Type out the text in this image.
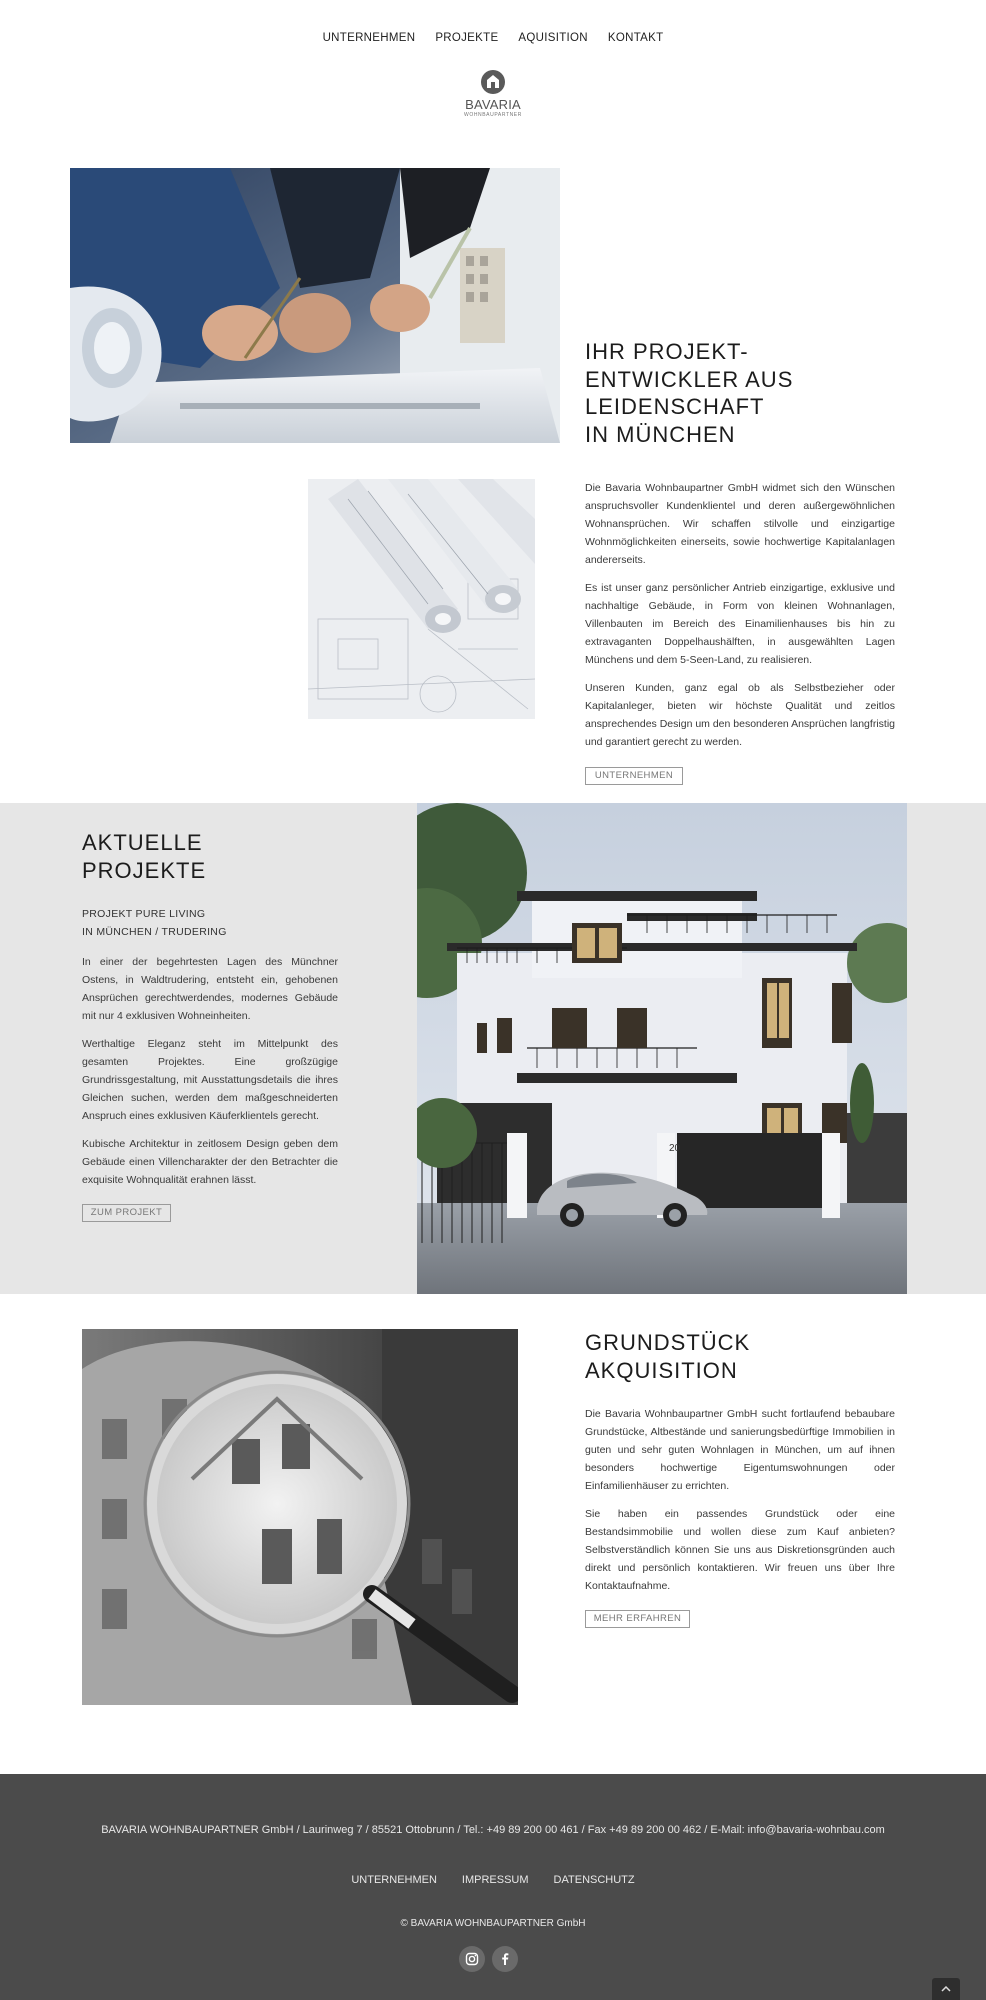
UNTERNEHMEN PROJEKTE AQUISITION KONTAKT
BAVARIA
WOHNBAUPARTNER
IHR PROJEKT-
ENTWICKLER AUS
LEIDENSCHAFT
IN MÜNCHEN

Die Bavaria Wohnbaupartner GmbH widmet sich den Wünschen anspruchsvoller Kundenklientel und deren außergewöhnlichen Wohnansprüchen. Wir schaffen stilvolle und einzigartige Wohnmöglichkeiten einerseits, sowie hochwertige Kapitalanlagen andererseits.

Es ist unser ganz persönlicher Antrieb einzigartige, exklusive und nachhaltige Gebäude, in Form von kleinen Wohnanlagen, Villenbauten im Bereich des Einamilienhauses bis hin zu extravaganten Doppelhaushälften, in ausgewählten Lagen Münchens und dem 5-Seen-Land, zu realisieren.

Unseren Kunden, ganz egal ob als Selbstbezieher oder Kapitalanleger, bieten wir höchste Qualität und zeitlos ansprechendes Design um den besonderen Ansprüchen langfristig und garantiert gerecht zu werden.

UNTERNEHMEN
AKTUELLE
PROJEKTE
PROJEKT PURE LIVING
IN MÜNCHEN / TRUDERING

In einer der begehrtesten Lagen des Münchner Ostens, in Waldtrudering, entsteht ein, gehobenen Ansprüchen gerechtwerdendes, modernes Gebäude mit nur 4 exklusiven Wohneinheiten.

Werthaltige Eleganz steht im Mittelpunkt des gesamten Projektes. Eine großzügige Grundrissgestaltung, mit Ausstattungsdetails die ihres Gleichen suchen, werden dem maßgeschneiderten Anspruch eines exklusiven Käuferklientels gerecht.

Kubische Architektur in zeitlosem Design geben dem Gebäude einen Villencharakter der den Betrachter die exquisite Wohnqualität erahnen lässt.

ZUM PROJEKT
20
GRUNDSTÜCK
AKQUISITION

Die Bavaria Wohnbaupartner GmbH sucht fortlaufend bebaubare Grundstücke, Altbestände und sanierungsbedürftige Immobilien in guten und sehr guten Wohnlagen in München, um auf ihnen besonders hochwertige Eigentumswohnungen oder Einfamilienhäuser zu errichten.

Sie haben ein passendes Grundstück oder eine Bestandsimmobilie und wollen diese zum Kauf anbieten? Selbstverständlich können Sie uns aus Diskretionsgründen auch direkt und persönlich kontaktieren. Wir freuen uns über Ihre Kontaktaufnahme.

MEHR ERFAHREN
BAVARIA WOHNBAUPARTNER GmbH / Laurinweg 7 / 85521 Ottobrunn / Tel.: +49 89 200 00 461 / Fax +49 89 200 00 462 / E-Mail: info@bavaria-wohnbau.com
UNTERNEHMEN IMPRESSUM DATENSCHUTZ
© BAVARIA WOHNBAUPARTNER GmbH
